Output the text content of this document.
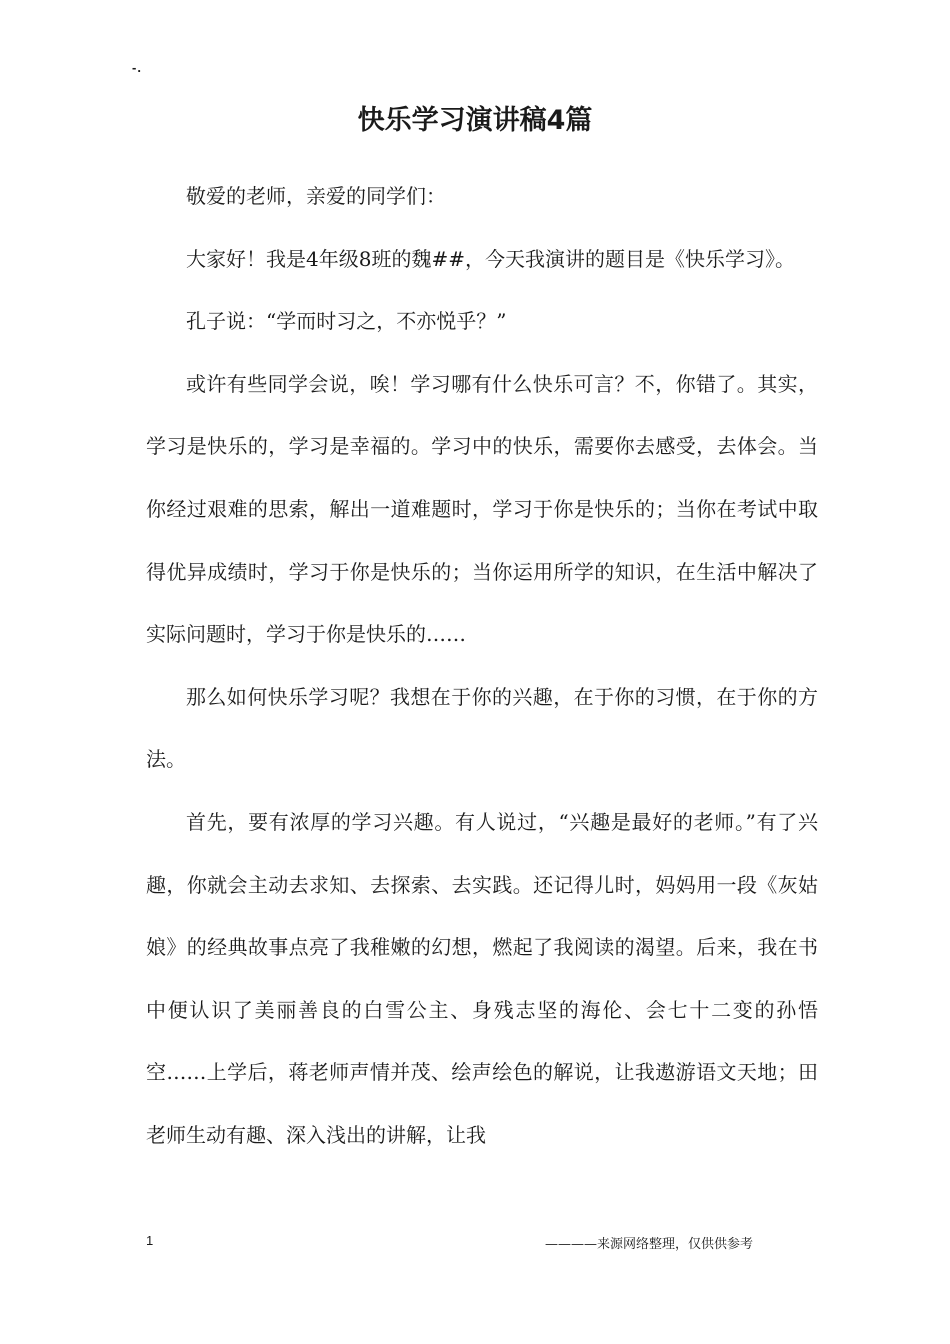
-.
快乐学习演讲稿4篇

敬爱的老师，亲爱的同学们：

大家好！我是4年级8班的魏##，今天我演讲的题目是《快乐学习》。

孔子说：“学而时习之，不亦悦乎？”

或许有些同学会说，唉！学习哪有什么快乐可言？不，你错了。其实，学习是快乐的，学习是幸福的。学习中的快乐，需要你去感受，去体会。当你经过艰难的思索，解出一道难题时，学习于你是快乐的；当你在考试中取得优异成绩时，学习于你是快乐的；当你运用所学的知识，在生活中解决了实际问题时，学习于你是快乐的……

那么如何快乐学习呢？我想在于你的兴趣，在于你的习惯，在于你的方法。

首先，要有浓厚的学习兴趣。有人说过，“兴趣是最好的老师。”有了兴趣，你就会主动去求知、去探索、去实践。还记得儿时，妈妈用一段《灰姑娘》的经典故事点亮了我稚嫩的幻想，燃起了我阅读的渴望。后来，我在书中便认识了美丽善良的白雪公主、身残志坚的海伦、会七十二变的孙悟空……上学后，蒋老师声情并茂、绘声绘色的解说，让我遨游语文天地；田老师生动有趣、深入浅出的讲解，让我

1	————来源网络整理，仅供供参考
